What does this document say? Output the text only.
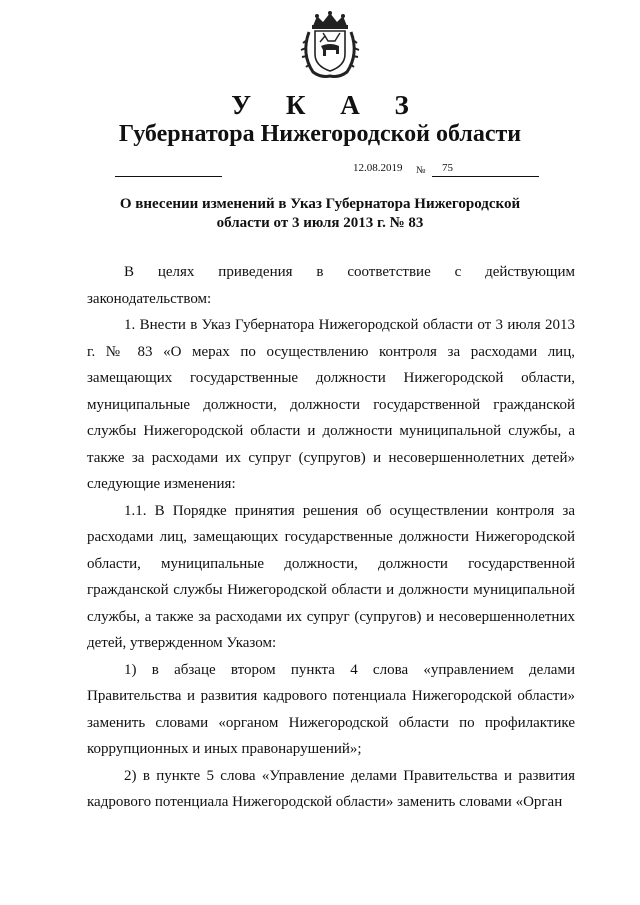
У К А З
Губернатора Нижегородской области
12.08.2019 № 75
О внесении изменений в Указ Губернатора Нижегородской области от 3 июля 2013 г. № 83

В целях приведения в соответствие с действующим законодательством:

1. Внести в Указ Губернатора Нижегородской области от 3 июля 2013 г. № 83 «О мерах по осуществлению контроля за расходами лиц, замещающих государственные должности Нижегородской области, муниципальные должности, должности государственной гражданской службы Нижегородской области и должности муниципальной службы, а также за расходами их супруг (супругов) и несовершеннолетних детей» следующие изменения:

1.1. В Порядке принятия решения об осуществлении контроля за расходами лиц, замещающих государственные должности Нижегородской области, муниципальные должности, должности государственной гражданской службы Нижегородской области и должности муниципальной службы, а также за расходами их супруг (супругов) и несовершеннолетних детей, утвержденном Указом:

1) в абзаце втором пункта 4 слова «управлением делами Правительства и развития кадрового потенциала Нижегородской области» заменить словами «органом Нижегородской области по профилактике коррупционных и иных правонарушений»;

2) в пункте 5 слова «Управление делами Правительства и развития кадрового потенциала Нижегородской области» заменить словами «Орган
